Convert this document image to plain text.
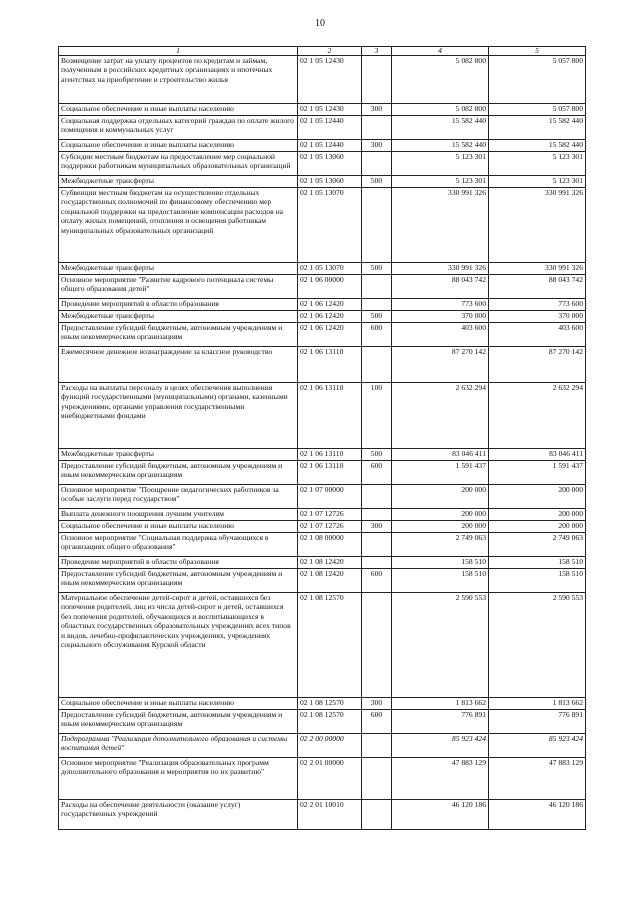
10
1	2	3	4	5
Возмещение затрат на уплату процентов по кредитам и займам, полученным в российских кредитных организациях и ипотечных агентствах на приобретение и строительство жилья	02 1 05 12430		5 082 800	5 057 800
Социальное обеспечение и иные выплаты населению	02 1 05 12430	300	5 082 800	5 057 800
Социальная поддержка отдельных категорий граждан по оплате жилого помещения и коммунальных услуг	02 1 05 12440		15 582 440	15 582 440
Социальное обеспечение и иные выплаты населению	02 1 05 12440	300	15 582 440	15 582 440
Субсидии местным бюджетам на предоставление мер социальной поддержки работникам муниципальных образовательных организаций	02 1 05 13060		5 123 301	5 123 301
Межбюджетные трансферты	02 1 05 13060	500	5 123 301	5 123 301
Субвенции местным бюджетам на осуществление отдельных государственных полномочий по финансовому обеспечению мер социальной поддержки на предоставление компенсации расходов на оплату жилых помещений, отопления и освещения работникам муниципальных образовательных организаций	02 1 05 13070		330 991 326	330 991 326
Межбюджетные трансферты	02 1 05 13070	500	330 991 326	330 991 326
Основное мероприятие "Развитие кадрового потенциала системы общего образования детей"	02 1 06 00000		88 043 742	88 043 742
Проведение мероприятий в области образования	02 1 06 12420		773 600	773 600
Межбюджетные трансферты	02 1 06 12420	500	370 000	370 000
Предоставление субсидий бюджетным, автономным учреждениям и иным некоммерческим организациям	02 1 06 12420	600	403 600	403 600
Ежемесячное денежное вознаграждение за классное руководство	02 1 06 13110		87 270 142	87 270 142
Расходы на выплаты персоналу в целях обеспечения выполнения функций государственными (муниципальными) органами, казенными учреждениями, органами управления государственными внебюджетными фондами	02 1 06 13110	100	2 632 294	2 632 294
Межбюджетные трансферты	02 1 06 13110	500	83 046 411	83 046 411
Предоставление субсидий бюджетным, автономным учреждениям и иным некоммерческим организациям	02 1 06 13110	600	1 591 437	1 591 437
Основное мероприятие "Поощрение педагогических работников за особые заслуги перед государством"	02 1 07 00000		200 000	200 000
Выплата денежного поощрения лучшим учителям	02 1 07 12726		200 000	200 000
Социальное обеспечение и иные выплаты населению	02 1 07 12726	300	200 000	200 000
Основное мероприятие "Социальная поддержка обучающихся в организациях общего образования"	02 1 08 00000		2 749 063	2 749 063
Проведение мероприятий в области образования	02 1 08 12420		158 510	158 510
Предоставление субсидий бюджетным, автономным учреждениям и иным некоммерческим организациям	02 1 08 12420	600	158 510	158 510
Материальное обеспечение детей-сирот и детей, оставшихся без попечения родителей, лиц из числа детей-сирот и детей, оставшихся без попечения родителей, обучающихся и воспитывающихся в областных государственных образовательных учреждениях всех типов и видов, лечебно-профилактических учреждениях, учреждениях социального обслуживания Курской области	02 1 08 12570		2 590 553	2 590 553
Социальное обеспечение и иные выплаты населению	02 1 08 12570	300	1 813 662	1 813 662
Предоставление субсидий бюджетным, автономным учреждениям и иным некоммерческим организациям	02 1 08 12570	600	776 891	776 891
Подпрограмма "Реализация дополнительного образования и системы воспитания детей"	02 2 00 00000		85 923 424	85 923 424
Основное мероприятие "Реализация образовательных программ дополнительного образования и мероприятия по их развитию"	02 2 01 00000		47 883 129	47 883 129
Расходы на обеспечение деятельности (оказание услуг) государственных учреждений	02 2 01 10010		46 120 186	46 120 186
